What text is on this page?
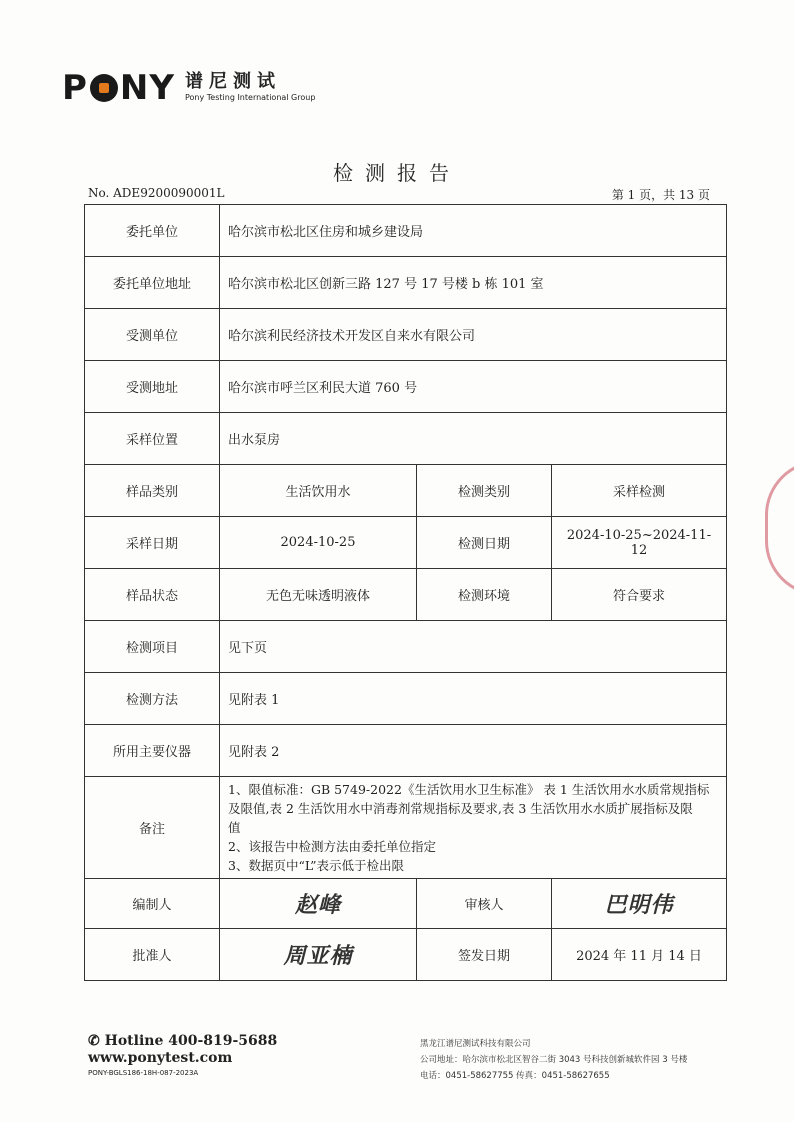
P NY 谱尼测试
Pony Testing International Group
检测报告
No. ADE9200090001L	第 1 页，共 13 页
委托单位	哈尔滨市松北区住房和城乡建设局		
委托单位地址	哈尔滨市松北区创新三路 127 号 17 号楼 b 栋 101 室		
受测单位	哈尔滨利民经济技术开发区自来水有限公司		
受测地址	哈尔滨市呼兰区利民大道 760 号		
采样位置	出水泵房		
样品类别	生活饮用水	检测类别	采样检测
采样日期	2024-10-25	检测日期	2024-10-25~2024-11-12
样品状态	无色无味透明液体	检测环境	符合要求
检测项目	见下页		
检测方法	见附表 1		
所用主要仪器	见附表 2		
备注	1、限值标准：GB 5749-2022《生活饮用水卫生标准》 表 1 生活饮用水水质常规指标
及限值,表 2 生活饮用水中消毒剂常规指标及要求,表 3 生活饮用水水质扩展指标及限
值
2、该报告中检测方法由委托单位指定
3、数据页中“L”表示低于检出限		

编制人	赵峰	审核人	巴明伟
批准人	周亚楠	签发日期	2024 年 11 月 14 日
✆ Hotline 400-819-5688
www.ponytest.com
PONY-BGLS186-18H-087-2023A
黑龙江谱尼测试科技有限公司
公司地址：哈尔滨市松北区智谷二街 3043 号科技创新城软件园 3 号楼
电话：0451-58627755 传真：0451-58627655
